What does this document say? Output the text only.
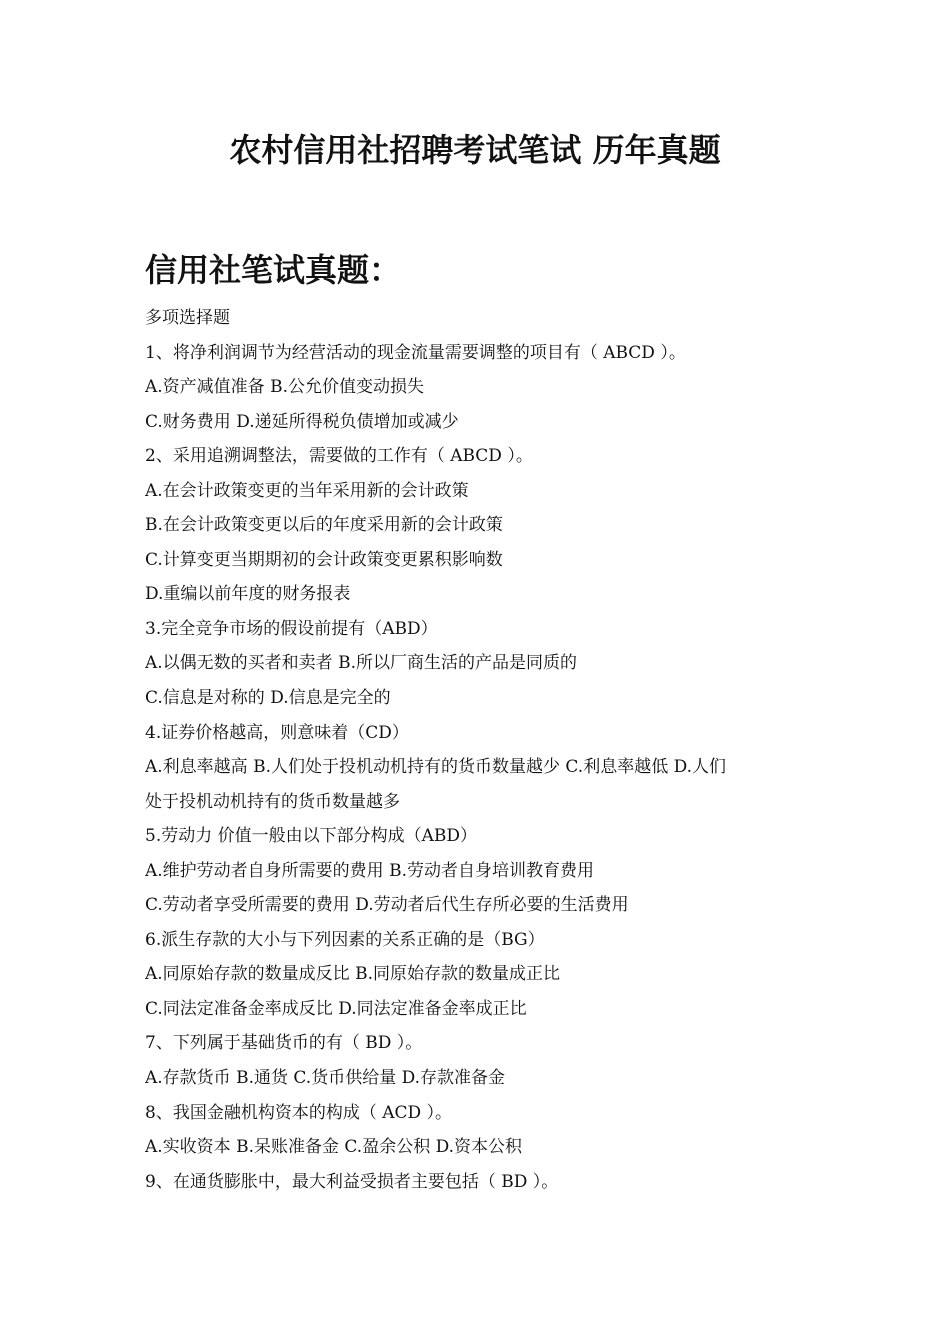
农村信用社招聘考试笔试 历年真题
信用社笔试真题：
多项选择题
1、将净利润调节为经营活动的现金流量需要调整的项目有（ ABCD ）。
A.资产减值准备 B.公允价值变动损失
C.财务费用 D.递延所得税负债增加或减少
2、采用追溯调整法，需要做的工作有（ ABCD ）。
A.在会计政策变更的当年采用新的会计政策
B.在会计政策变更以后的年度采用新的会计政策
C.计算变更当期期初的会计政策变更累积影响数
D.重编以前年度的财务报表
3.完全竞争市场的假设前提有（ABD）
A.以偶无数的买者和卖者 B.所以厂商生活的产品是同质的
C.信息是对称的 D.信息是完全的
4.证券价格越高，则意味着（CD）
A.利息率越高 B.人们处于投机动机持有的货币数量越少 C.利息率越低 D.人们
处于投机动机持有的货币数量越多
5.劳动力 价值一般由以下部分构成（ABD）
A.维护劳动者自身所需要的费用 B.劳动者自身培训教育费用
C.劳动者享受所需要的费用 D.劳动者后代生存所必要的生活费用
6.派生存款的大小与下列因素的关系正确的是（BG）
A.同原始存款的数量成反比 B.同原始存款的数量成正比
C.同法定准备金率成反比 D.同法定准备金率成正比
7、下列属于基础货币的有（ BD ）。
A.存款货币 B.通货 C.货币供给量 D.存款准备金
8、我国金融机构资本的构成（ ACD ）。
A.实收资本 B.呆账准备金 C.盈余公积 D.资本公积
9、在通货膨胀中，最大利益受损者主要包括（ BD ）。
